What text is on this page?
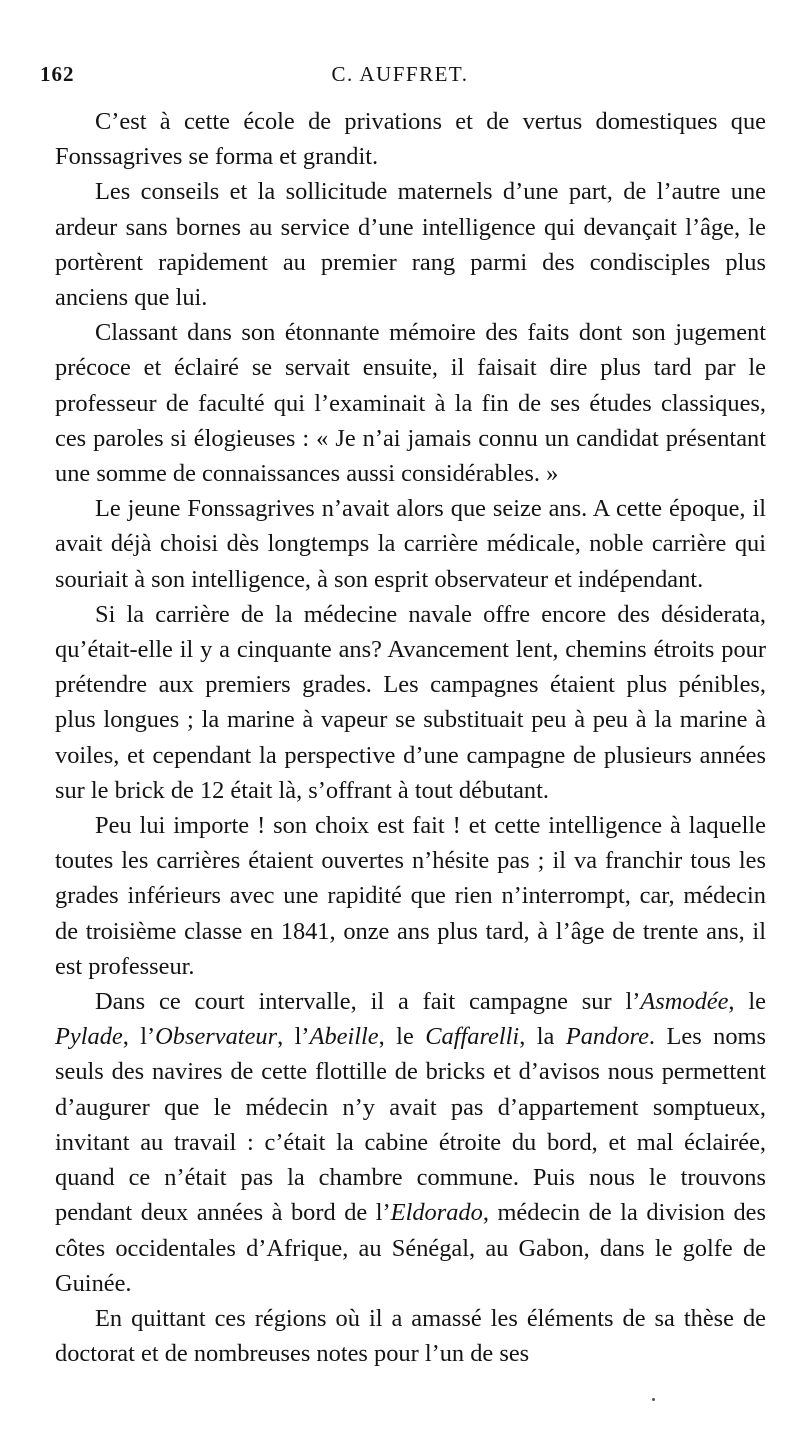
162	C. AUFFRET.

C’est à cette école de privations et de vertus domestiques que Fonssagrives se forma et grandit.

Les conseils et la sollicitude maternels d’une part, de l’autre une ardeur sans bornes au service d’une intelligence qui devançait l’âge, le portèrent rapidement au premier rang parmi des condisciples plus anciens que lui.

Classant dans son étonnante mémoire des faits dont son jugement précoce et éclairé se servait ensuite, il faisait dire plus tard par le professeur de faculté qui l’examinait à la fin de ses études classiques, ces paroles si élogieuses : « Je n’ai jamais connu un candidat présentant une somme de connaissances aussi considérables. »

Le jeune Fonssagrives n’avait alors que seize ans. A cette époque, il avait déjà choisi dès longtemps la carrière médicale, noble carrière qui souriait à son intelligence, à son esprit observateur et indépendant.

Si la carrière de la médecine navale offre encore des désiderata, qu’était-elle il y a cinquante ans? Avancement lent, chemins étroits pour prétendre aux premiers grades. Les campagnes étaient plus pénibles, plus longues ; la marine à vapeur se substituait peu à peu à la marine à voiles, et cependant la perspective d’une campagne de plusieurs années sur le brick de 12 était là, s’offrant à tout débutant.

Peu lui importe ! son choix est fait ! et cette intelligence à laquelle toutes les carrières étaient ouvertes n’hésite pas ; il va franchir tous les grades inférieurs avec une rapidité que rien n’interrompt, car, médecin de troisième classe en 1841, onze ans plus tard, à l’âge de trente ans, il est professeur.

Dans ce court intervalle, il a fait campagne sur l’Asmodée, le Pylade, l’Observateur, l’Abeille, le Caffarelli, la Pandore. Les noms seuls des navires de cette flottille de bricks et d’avisos nous permettent d’augurer que le médecin n’y avait pas d’appartement somptueux, invitant au travail : c’était la cabine étroite du bord, et mal éclairée, quand ce n’était pas la chambre commune. Puis nous le trouvons pendant deux années à bord de l’Eldorado, médecin de la division des côtes occidentales d’Afrique, au Sénégal, au Gabon, dans le golfe de Guinée.

En quittant ces régions où il a amassé les éléments de sa thèse de doctorat et de nombreuses notes pour l’un de ses
